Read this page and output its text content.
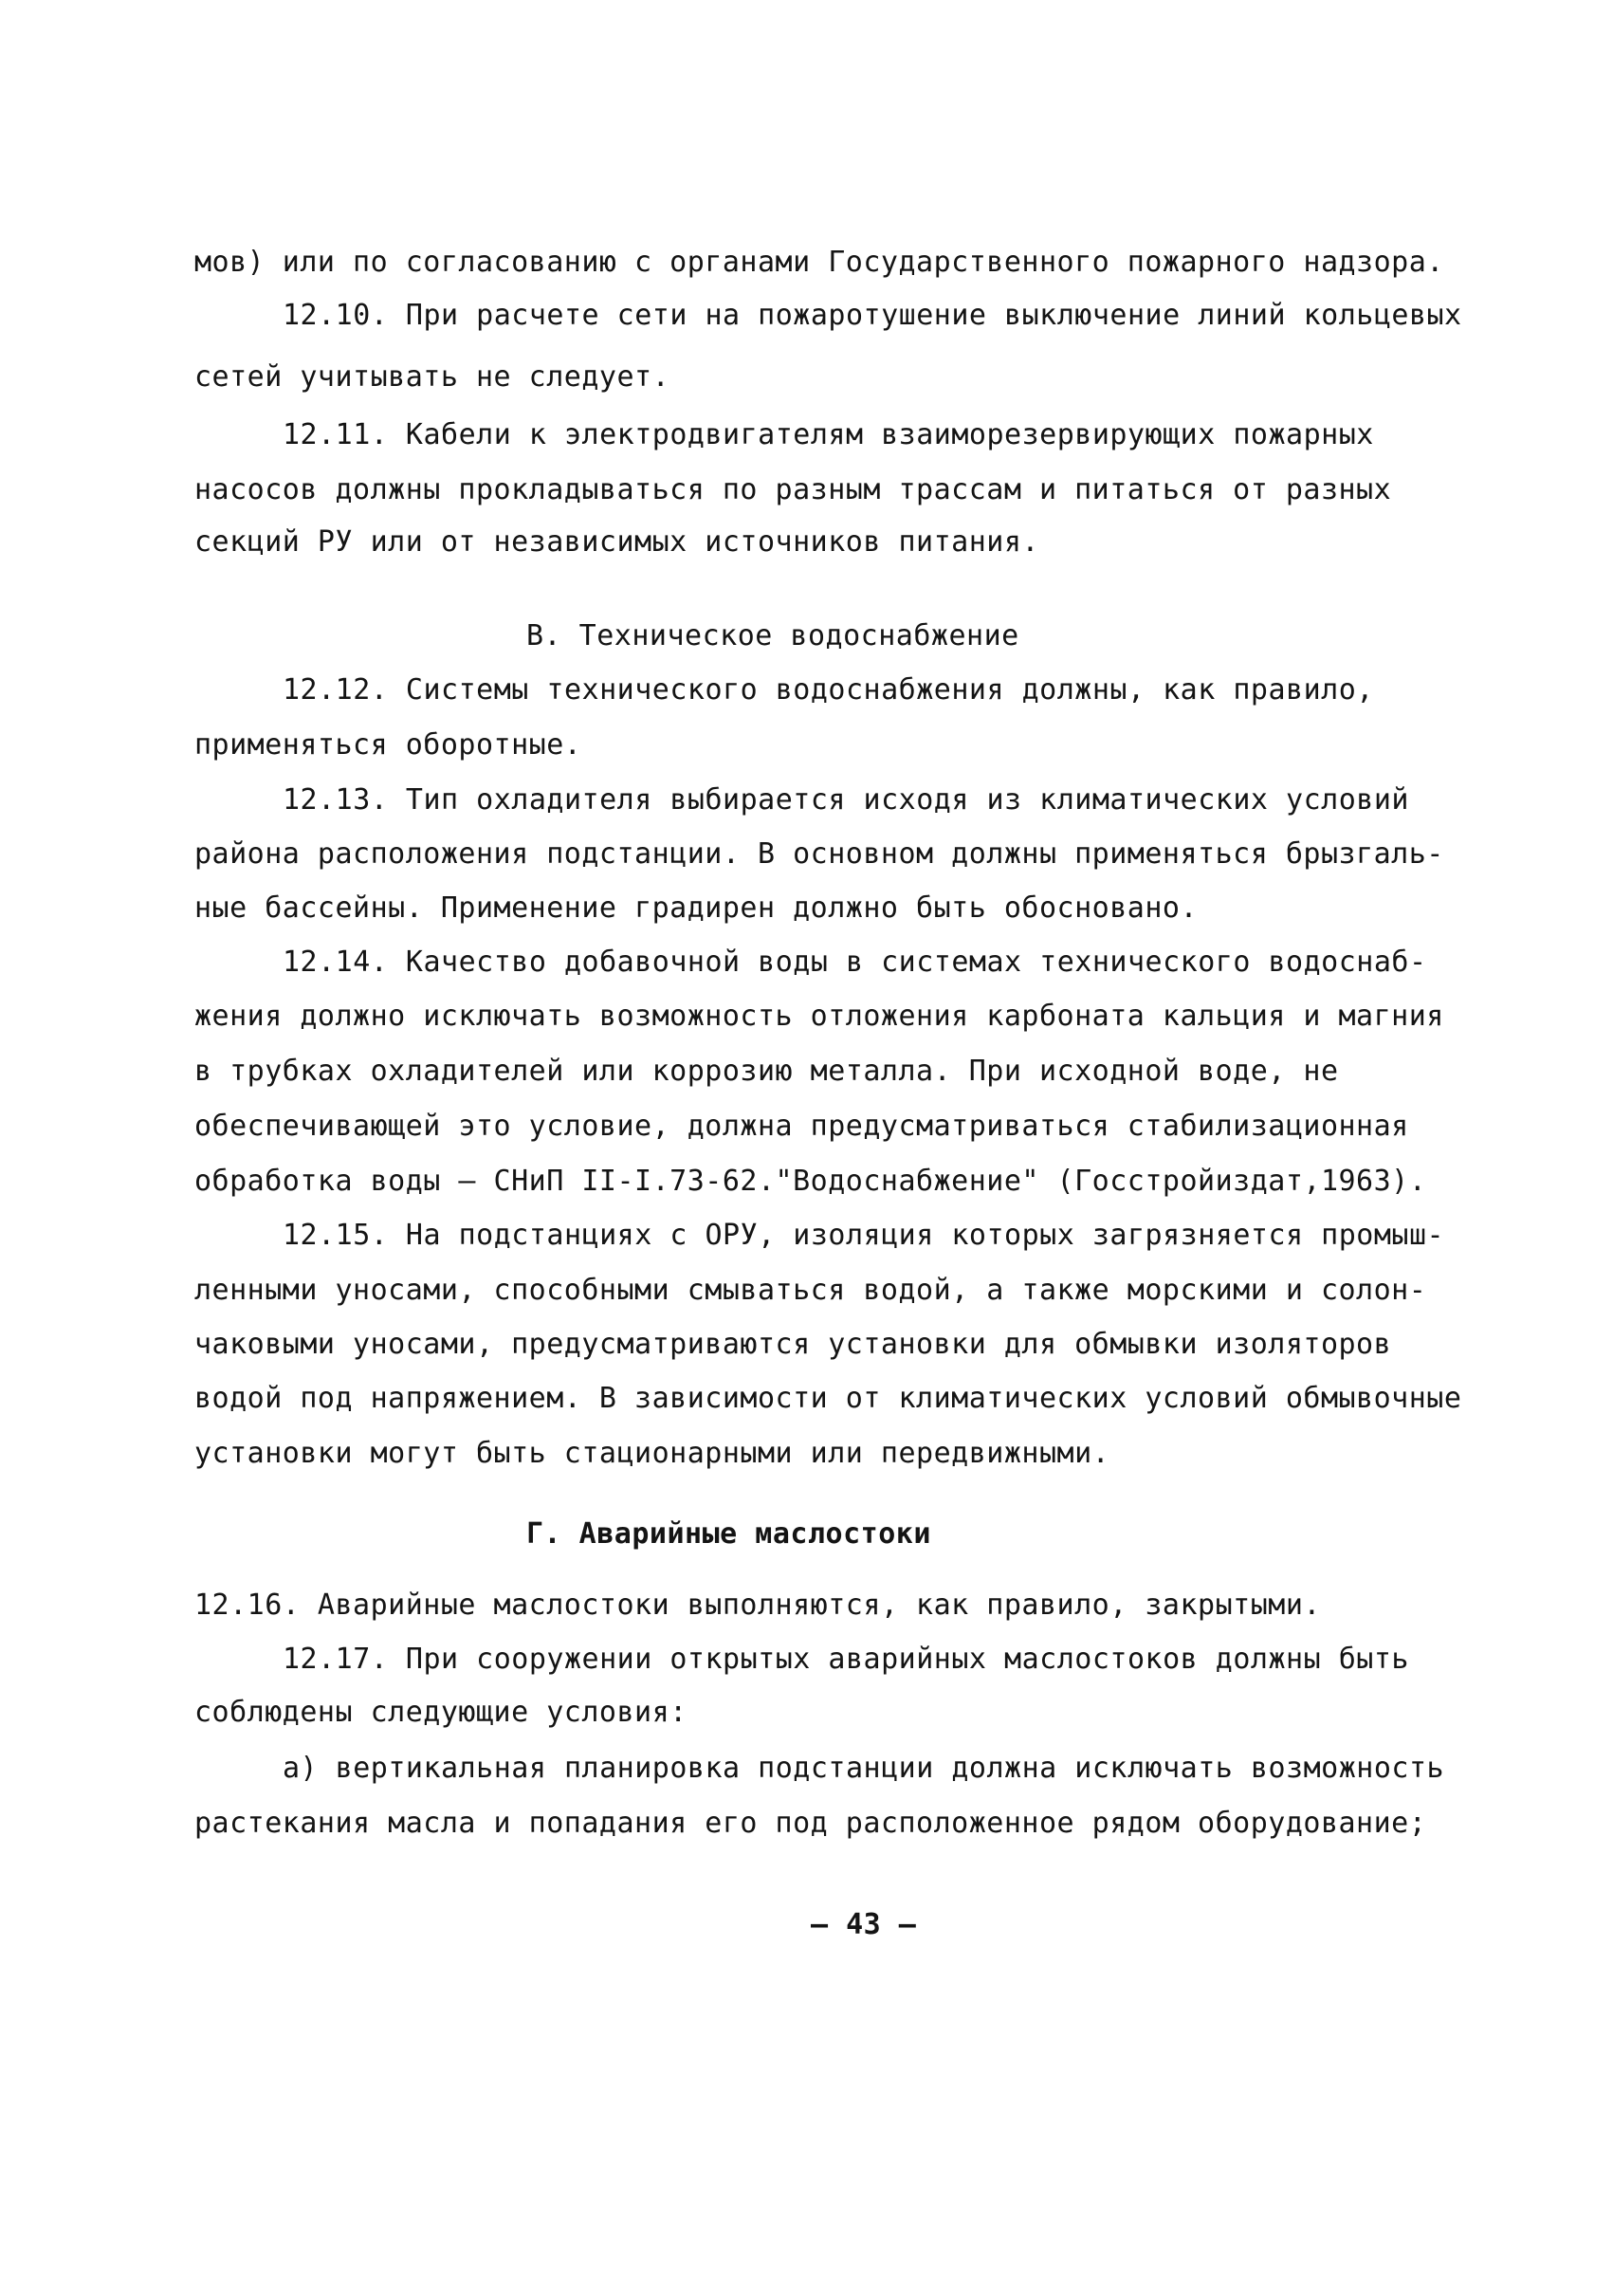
мов) или по согласованию с органами Государственного пожарного надзора.
12.10. При расчете сети на пожаротушение выключение линий кольцевых
сетей учитывать не следует.
12.11. Кабели к электродвигателям взаиморезервирующих пожарных
насосов должны прокладываться по разным трассам и питаться от разных
секций РУ или от независимых источников питания.
В. Техническое водоснабжение
12.12. Системы технического водоснабжения должны, как правило,
применяться оборотные.
12.13. Тип охладителя выбирается исходя из климатических условий
района расположения подстанции. В основном должны применяться брызгаль-
ные бассейны. Применение градирен должно быть обосновано.
12.14. Качество добавочной воды в системах технического водоснаб-
жения должно исключать возможность отложения карбоната кальция и магния
в трубках охладителей или коррозию металла. При исходной воде, не
обеспечивающей это условие, должна предусматриваться стабилизационная
обработка воды – СНиП II-I.73-62."Водоснабжение" (Госстройиздат,1963).
12.15. На подстанциях с ОРУ, изоляция которых загрязняется промыш-
ленными уносами, способными смываться водой, а также морскими и солон-
чаковыми уносами, предусматриваются установки для обмывки изоляторов
водой под напряжением. В зависимости от климатических условий обмывочные
установки могут быть стационарными или передвижными.
Г. Аварийные маслостоки
12.16. Аварийные маслостоки выполняются, как правило, закрытыми.
12.17. При сооружении открытых аварийных маслостоков должны быть
соблюдены следующие условия:
а) вертикальная планировка подстанции должна исключать возможность
растекания масла и попадания его под расположенное рядом оборудование;
– 43 –
